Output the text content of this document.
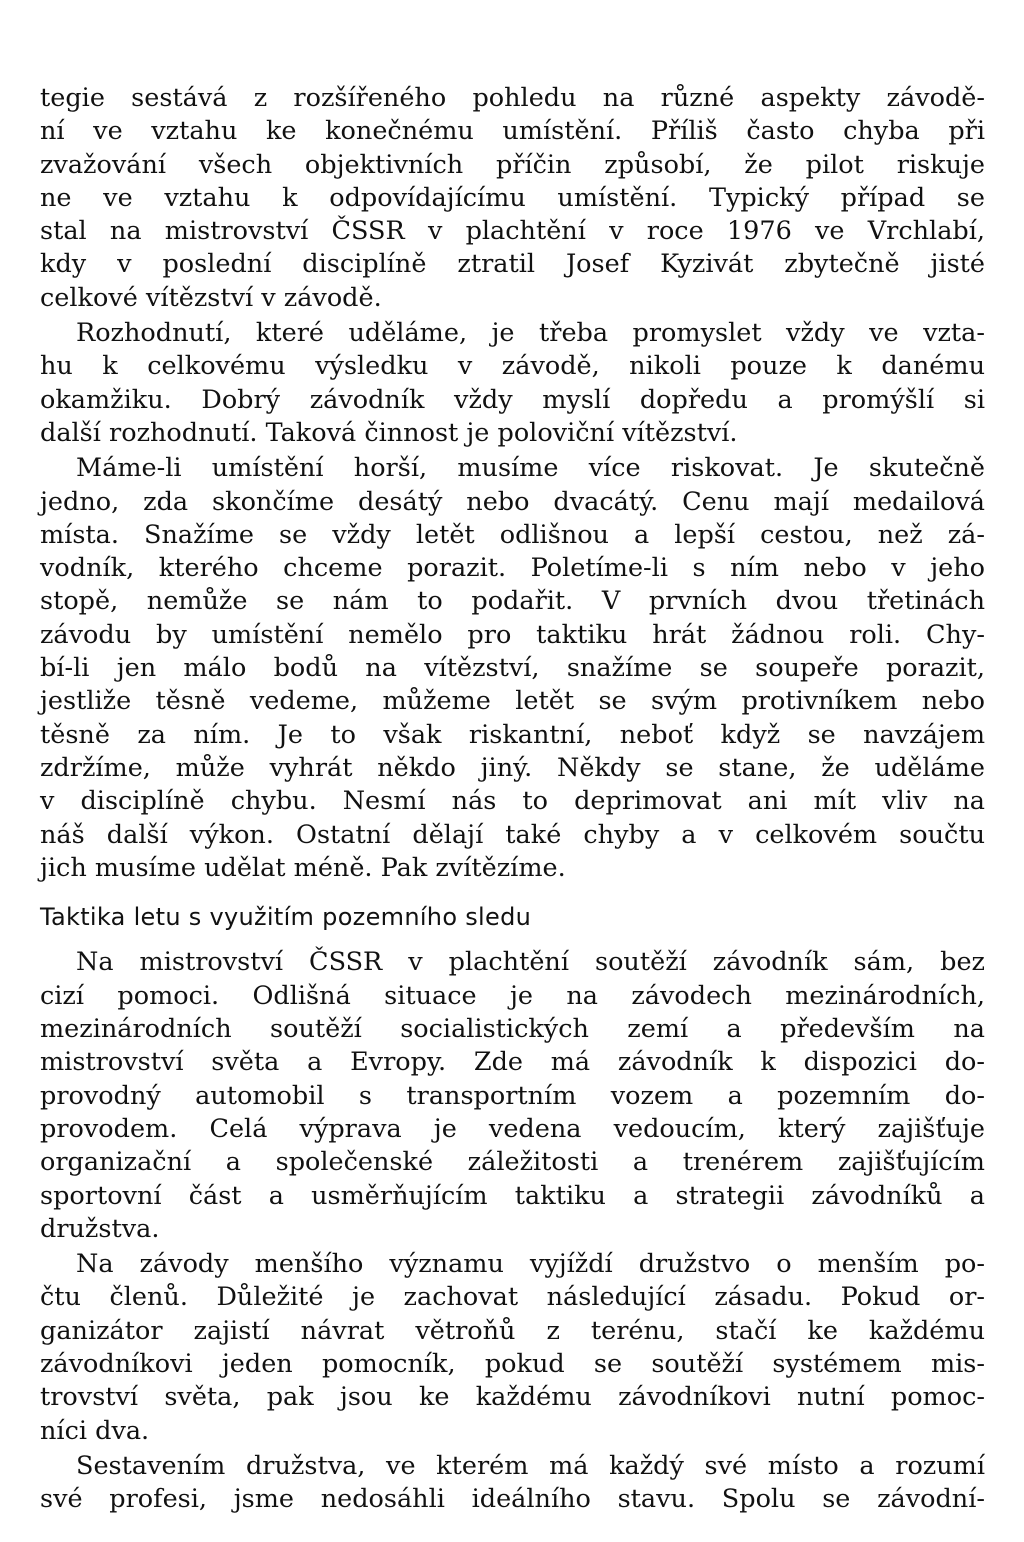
tegie sestává z rozšířeného pohledu na různé aspekty závodě-
ní ve vztahu ke konečnému umístění. Příliš často chyba při
zvažování všech objektivních příčin způsobí, že pilot riskuje
ne ve vztahu k odpovídajícímu umístění. Typický případ se
stal na mistrovství ČSSR v plachtění v roce 1976 ve Vrchlabí,
kdy v poslední disciplíně ztratil Josef Kyzivát zbytečně jisté
celkové vítězství v závodě.
Rozhodnutí, které uděláme, je třeba promyslet vždy ve vzta-
hu k celkovému výsledku v závodě, nikoli pouze k danému
okamžiku. Dobrý závodník vždy myslí dopředu a promýšlí si
další rozhodnutí. Taková činnost je poloviční vítězství.
Máme-li umístění horší, musíme více riskovat. Je skutečně
jedno, zda skončíme desátý nebo dvacátý. Cenu mají medailová
místa. Snažíme se vždy letět odlišnou a lepší cestou, než zá-
vodník, kterého chceme porazit. Poletíme-li s ním nebo v jeho
stopě, nemůže se nám to podařit. V prvních dvou třetinách
závodu by umístění nemělo pro taktiku hrát žádnou roli. Chy-
bí-li jen málo bodů na vítězství, snažíme se soupeře porazit,
jestliže těsně vedeme, můžeme letět se svým protivníkem nebo
těsně za ním. Je to však riskantní, neboť když se navzájem
zdržíme, může vyhrát někdo jiný. Někdy se stane, že uděláme
v disciplíně chybu. Nesmí nás to deprimovat ani mít vliv na
náš další výkon. Ostatní dělají také chyby a v celkovém součtu
jich musíme udělat méně. Pak zvítězíme.
Taktika letu s využitím pozemního sledu
Na mistrovství ČSSR v plachtění soutěží závodník sám, bez
cizí pomoci. Odlišná situace je na závodech mezinárodních,
mezinárodních soutěží socialistických zemí a především na
mistrovství světa a Evropy. Zde má závodník k dispozici do-
provodný automobil s transportním vozem a pozemním do-
provodem. Celá výprava je vedena vedoucím, který zajišťuje
organizační a společenské záležitosti a trenérem zajišťujícím
sportovní část a usměrňujícím taktiku a strategii závodníků a
družstva.
Na závody menšího významu vyjíždí družstvo o menším po-
čtu členů. Důležité je zachovat následující zásadu. Pokud or-
ganizátor zajistí návrat větroňů z terénu, stačí ke každému
závodníkovi jeden pomocník, pokud se soutěží systémem mis-
trovství světa, pak jsou ke každému závodníkovi nutní pomoc-
níci dva.
Sestavením družstva, ve kterém má každý své místo a rozumí
své profesi, jsme nedosáhli ideálního stavu. Spolu se závodní-
